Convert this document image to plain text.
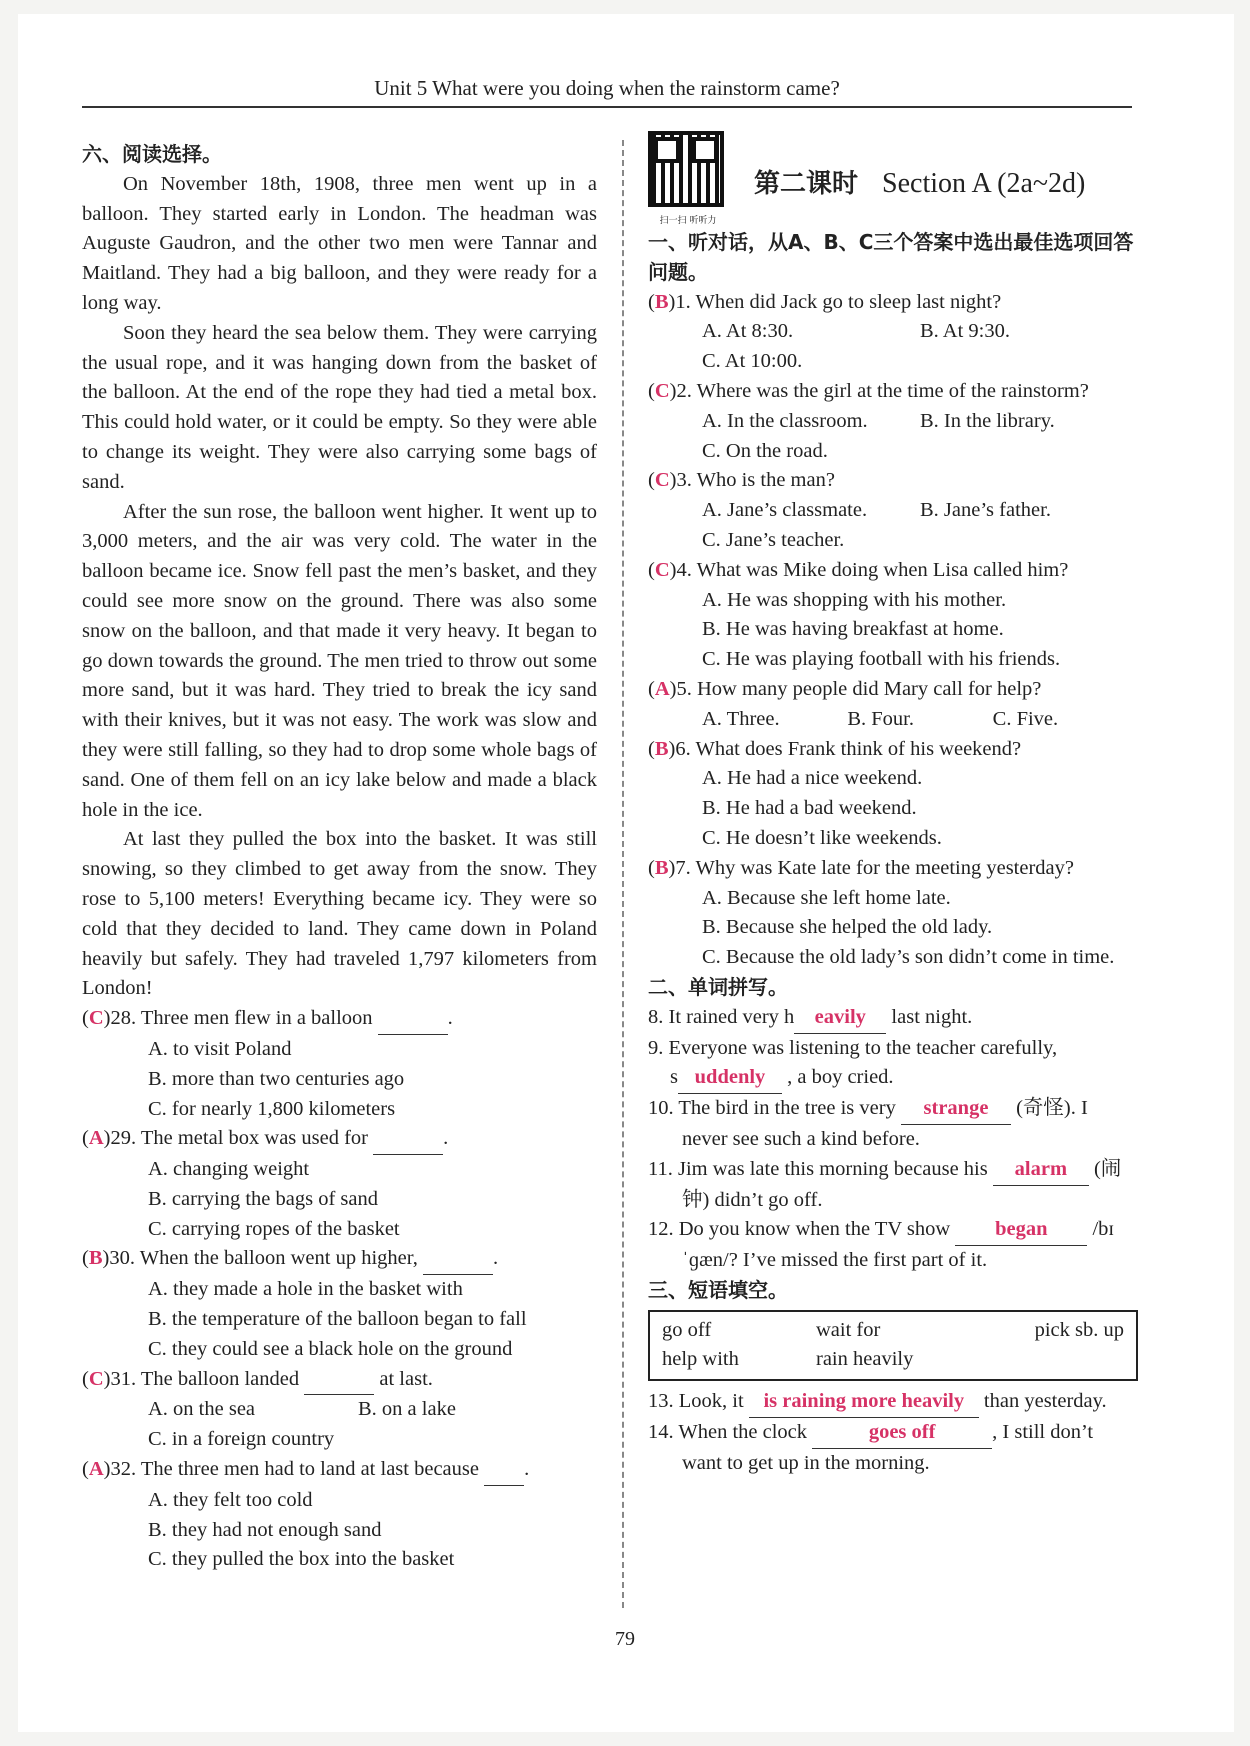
Unit 5 What were you doing when the rainstorm came?
六、阅读选择。

On November 18th, 1908, three men went up in a balloon. They started early in London. The headman was Auguste Gaudron, and the other two men were Tannar and Maitland. They had a big balloon, and they were ready for a long way.

Soon they heard the sea below them. They were carrying the usual rope, and it was hanging down from the basket of the balloon. At the end of the rope they had tied a metal box. This could hold water, or it could be empty. So they were able to change its weight. They were also carrying some bags of sand.

After the sun rose, the balloon went higher. It went up to 3,000 meters, and the air was very cold. The water in the balloon became ice. Snow fell past the men’s basket, and they could see more snow on the ground. There was also some snow on the balloon, and that made it very heavy. It began to go down towards the ground. The men tried to throw out some more sand, but it was hard. They tried to break the icy sand with their knives, but it was not easy. The work was slow and they were still falling, so they had to drop some whole bags of sand. One of them fell on an icy lake below and made a black hole in the ice.

At last they pulled the box into the basket. It was still snowing, so they climbed to get away from the snow. They rose to 5,100 meters! Everything became icy. They were so cold that they decided to land. They came down in Poland heavily but safely. They had traveled 1,797 kilometers from London!

(C)28. Three men flew in a balloon	.
A. to visit Poland
B. more than two centuries ago
C. for nearly 1,800 kilometers
(A)29. The metal box was used for	.
A. changing weight
B. carrying the bags of sand
C. carrying ropes of the basket
(B)30. When the balloon went up higher,	.
A. they made a hole in the basket with
B. the temperature of the balloon began to fall
C. they could see a black hole on the ground
(C)31. The balloon landed	at last.
A. on the sea	B. on a lake
C. in a foreign country
(A)32. The three men had to land at last because .
A. they felt too cold
B. they had not enough sand
C. they pulled the box into the basket
扫一扫 听听力
第二课时 Section A (2a~2d)
一、听对话，从A、B、C三个答案中选出最佳选项回答问题。
(B)1. When did Jack go to sleep last night?
A. At 8:30.	B. At 9:30.
C. At 10:00.
(C)2. Where was the girl at the time of the rainstorm?
A. In the classroom.	B. In the library.
C. On the road.
(C)3. Who is the man?
A. Jane’s classmate.	B. Jane’s father.
C. Jane’s teacher.
(C)4. What was Mike doing when Lisa called him?
A. He was shopping with his mother.
B. He was having breakfast at home.
C. He was playing football with his friends.
(A)5. How many people did Mary call for help?
A. Three.	B. Four.	C. Five.
(B)6. What does Frank think of his weekend?
A. He had a nice weekend.
B. He had a bad weekend.
C. He doesn’t like weekends.
(B)7. Why was Kate late for the meeting yesterday?
A. Because she left home late.
B. Because she helped the old lady.
C. Because the old lady’s son didn’t come in time.
二、单词拼写。
8. It rained very h eavily last night.
9. Everyone was listening to the teacher carefully,
s uddenly , a boy cried.
10. The bird in the tree is very strange (奇怪). I never see such a kind before.
11. Jim was late this morning because his alarm (闹钟) didn’t go off.
12. Do you know when the TV show began /bɪˈɡæn/? I’ve missed the first part of it.
三、短语填空。
go off	wait for	pick sb. up
help with	rain heavily
13. Look, it is raining more heavily than yesterday.
14. When the clock	goes off	, I still don’t want to get up in the morning.
79
